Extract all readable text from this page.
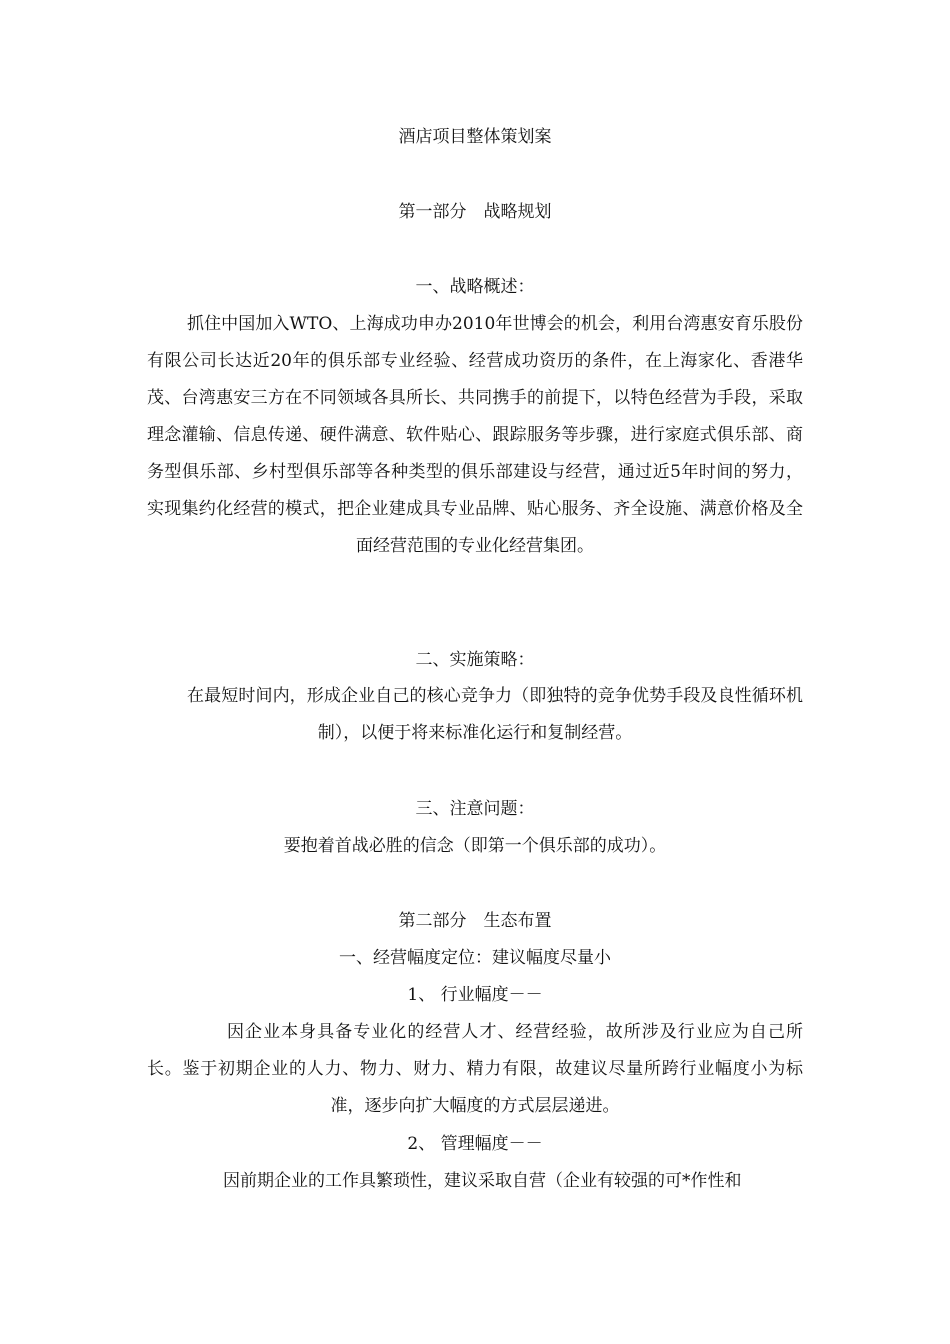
酒店项目整体策划案
第一部分　战略规划
一、战略概述：
抓住中国加入WTO、上海成功申办2010年世博会的机会，利用台湾惠安育乐股份有限公司长达近20年的俱乐部专业经验、经营成功资历的条件，在上海家化、香港华茂、台湾惠安三方在不同领域各具所长、共同携手的前提下，以特色经营为手段，采取理念灌输、信息传递、硬件满意、软件贴心、跟踪服务等步骤，进行家庭式俱乐部、商务型俱乐部、乡村型俱乐部等各种类型的俱乐部建设与经营，通过近5年时间的努力，实现集约化经营的模式，把企业建成具专业品牌、贴心服务、齐全设施、满意价格及全面经营范围的专业化经营集团。
二、实施策略：
在最短时间内，形成企业自己的核心竞争力（即独特的竞争优势手段及良性循环机制），以便于将来标准化运行和复制经营。
三、注意问题：
要抱着首战必胜的信念（即第一个俱乐部的成功）。
第二部分　生态布置
一、经营幅度定位：建议幅度尽量小
1、 行业幅度－－
因企业本身具备专业化的经营人才、经营经验，故所涉及行业应为自己所长。鉴于初期企业的人力、物力、财力、精力有限，故建议尽量所跨行业幅度小为标准，逐步向扩大幅度的方式层层递进。
2、 管理幅度－－
因前期企业的工作具繁琐性，建议采取自营（企业有较强的可*作性和
